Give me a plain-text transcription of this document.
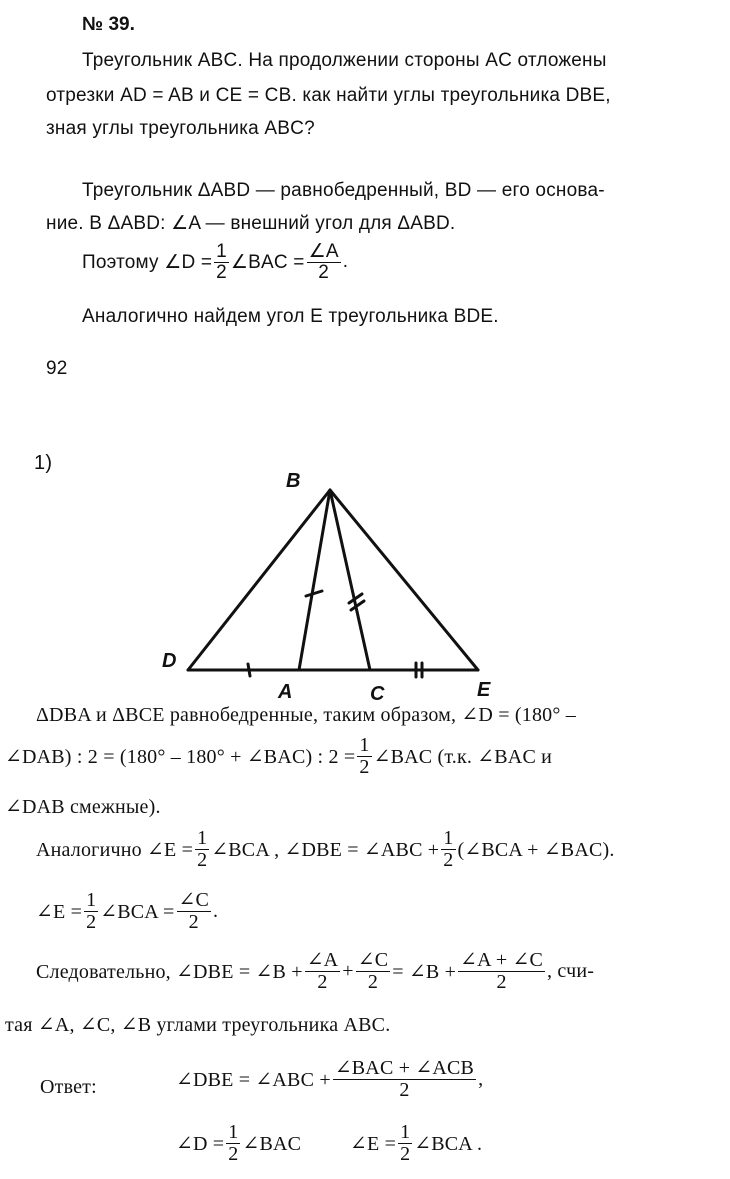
№ 39.
Треугольник ABC. На продолжении стороны AC отложены
отрезки AD = AB и CE = CB. как найти углы треугольника DBE,
зная углы треугольника ABC?
Треугольник ΔABD — равнобедренный, BD — его основа-
ние. В ΔABD: ∠A — внешний угол для ΔABD.
Поэтому ∠D = $\frac{1}{2}$ ∠BAC = $\frac{\angle A}{2}$ .
Аналогично найдем угол E треугольника BDE.
92
1)
B
D
A	C	E
ΔDBA и ΔBCE равнобедренные, таким образом, ∠D = (180° –
∠DAB) : 2 = (180° – 180° + ∠BAC) : $2 = \frac{1}{2}$ ∠BAC (т.к. ∠BAC и
∠DAB смежные).
Аналогично ∠E = $\frac{1}{2}$ ∠BCA , ∠DBE = ∠ABC + $\frac{1}{2}$ (∠BCA + ∠BAC).
∠E = $\frac{1}{2}$ ∠BCA = $\frac{\angle C}{2}$ .
Следовательно, ∠DBE = ∠B + $\frac{\angle A}{2} + \frac{\angle C}{2}$ = ∠B + $\frac{\angle A + \angle C}{2}$ , счи-
тая ∠A, ∠C, ∠B углами треугольника ABC.
Ответ:	∠DBE = ∠ABC + $\frac{\text{∠BAC + ∠ACB}}{2}$ ,
∠D = $\frac{1}{2}$ ∠BAC ∠E = $\frac{1}{2}$ ∠BCA .
